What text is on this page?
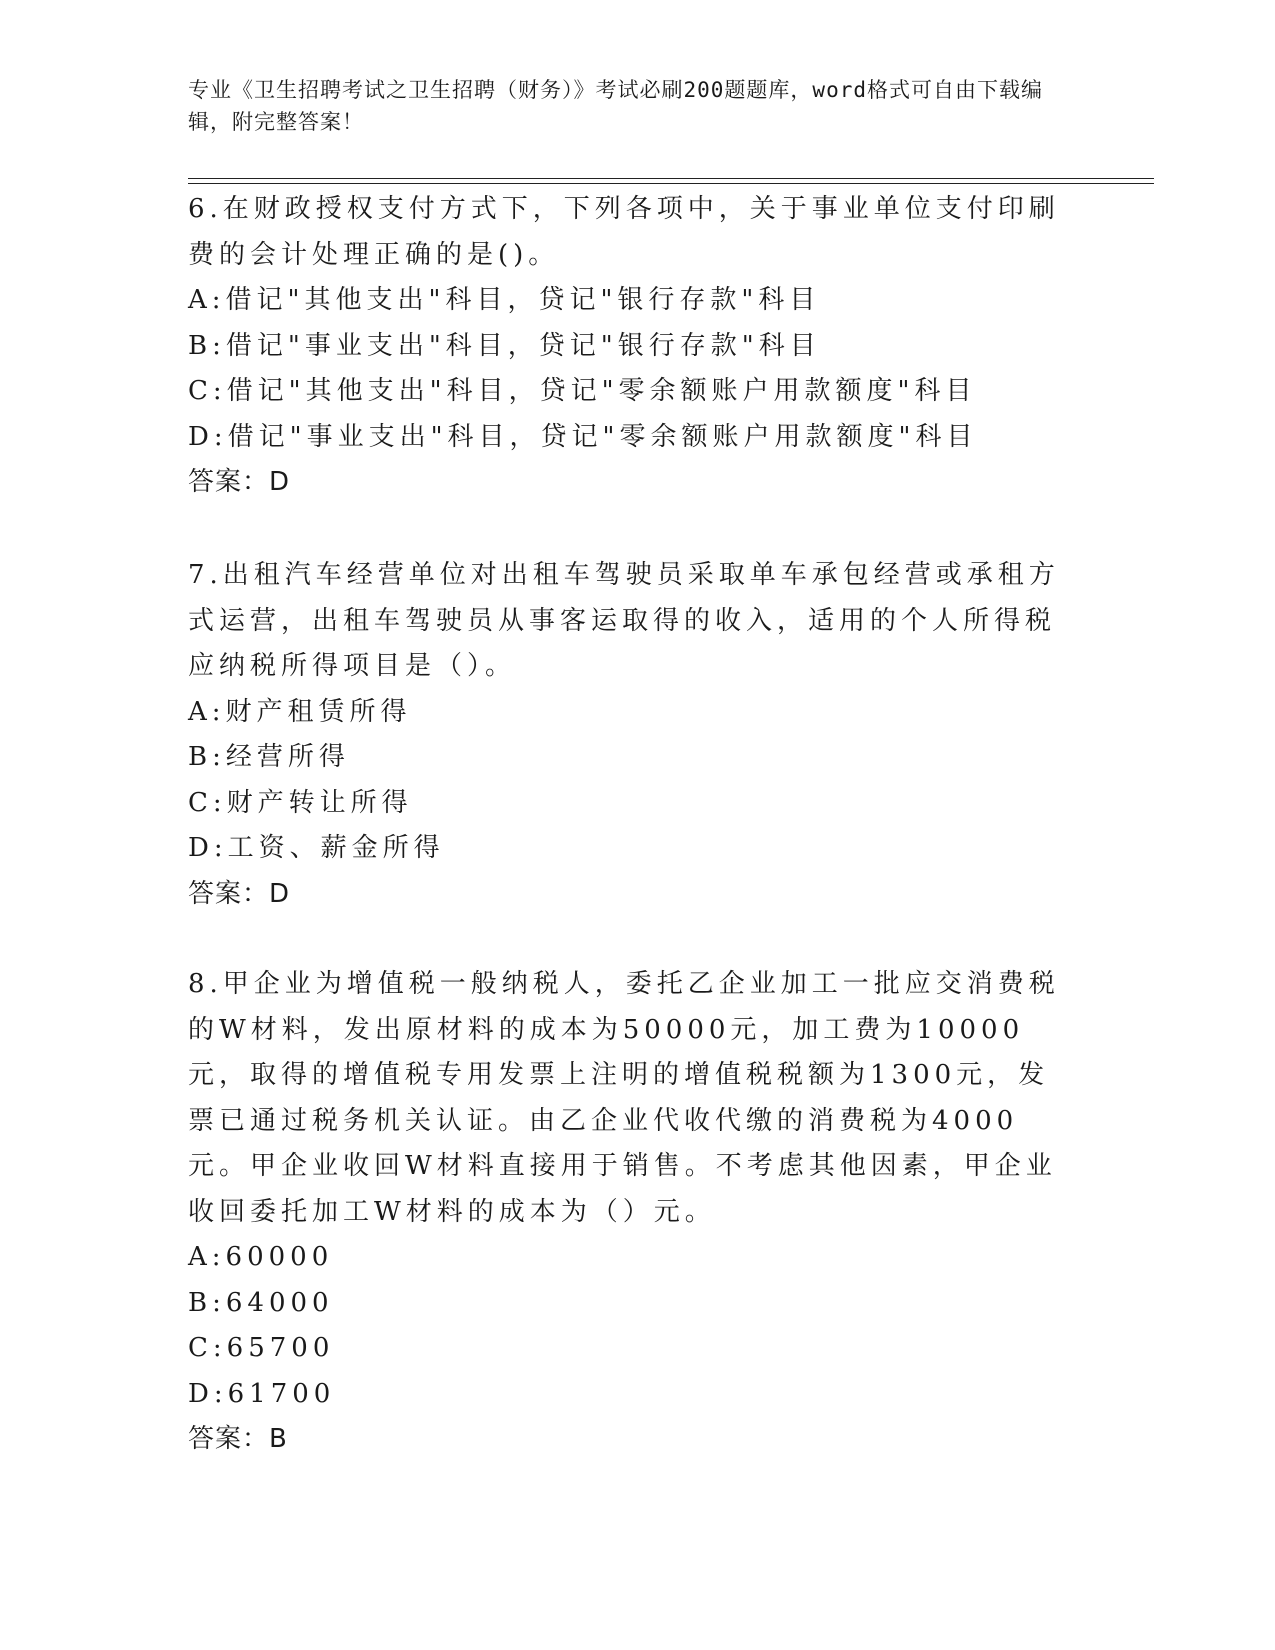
专业《卫生招聘考试之卫生招聘（财务）》考试必刷200题题库，word格式可自由下载编辑，附完整答案！

6.在财政授权支付方式下，下列各项中，关于事业单位支付印刷费的会计处理正确的是()。

A:借记"其他支出"科目，贷记"银行存款"科目

B:借记"事业支出"科目，贷记"银行存款"科目

C:借记"其他支出"科目，贷记"零余额账户用款额度"科目

D:借记"事业支出"科目，贷记"零余额账户用款额度"科目

答案：D

7.出租汽车经营单位对出租车驾驶员采取单车承包经营或承租方式运营，出租车驾驶员从事客运取得的收入，适用的个人所得税应纳税所得项目是（）。

A:财产租赁所得

B:经营所得

C:财产转让所得

D:工资、薪金所得

答案：D

8.甲企业为增值税一般纳税人，委托乙企业加工一批应交消费税的W材料，发出原材料的成本为50000元，加工费为10000元，取得的增值税专用发票上注明的增值税税额为1300元，发票已通过税务机关认证。由乙企业代收代缴的消费税为4000元。甲企业收回W材料直接用于销售。不考虑其他因素，甲企业收回委托加工W材料的成本为（）元。

A:60000

B:64000

C:65700

D:61700

答案：B
